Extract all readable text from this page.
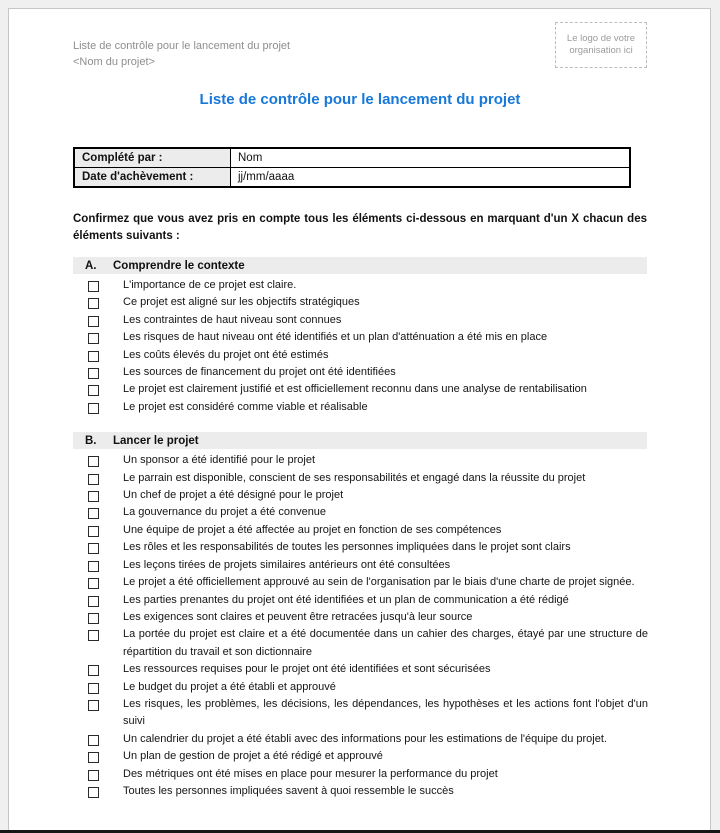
Liste de contrôle pour le lancement du projet
<Nom du projet>
Le logo de votre organisation ici
Liste de contrôle pour le lancement du projet
Complété par :	Nom
Date d'achèvement :	jj/mm/aaaa
Confirmez que vous avez pris en compte tous les éléments ci-dessous en marquant d'un X chacun des éléments suivants :
A.	Comprendre le contexte
L'importance de ce projet est claire.
Ce projet est aligné sur les objectifs stratégiques
Les contraintes de haut niveau sont connues
Les risques de haut niveau ont été identifiés et un plan d'atténuation a été mis en place
Les coûts élevés du projet ont été estimés
Les sources de financement du projet ont été identifiées
Le projet est clairement justifié et est officiellement reconnu dans une analyse de rentabilisation
Le projet est considéré comme viable et réalisable
B.	Lancer le projet
Un sponsor a été identifié pour le projet
Le parrain est disponible, conscient de ses responsabilités et engagé dans la réussite du projet
Un chef de projet a été désigné pour le projet
La gouvernance du projet a été convenue
Une équipe de projet a été affectée au projet en fonction de ses compétences
Les rôles et les responsabilités de toutes les personnes impliquées dans le projet sont clairs
Les leçons tirées de projets similaires antérieurs ont été consultées
Le projet a été officiellement approuvé au sein de l'organisation par le biais d'une charte de projet signée.
Les parties prenantes du projet ont été identifiées et un plan de communication a été rédigé
Les exigences sont claires et peuvent être retracées jusqu'à leur source
La portée du projet est claire et a été documentée dans un cahier des charges, étayé par une structure de répartition du travail et son dictionnaire
Les ressources requises pour le projet ont été identifiées et sont sécurisées
Le budget du projet a été établi et approuvé
Les risques, les problèmes, les décisions, les dépendances, les hypothèses et les actions font l'objet d'un suivi
Un calendrier du projet a été établi avec des informations pour les estimations de l'équipe du projet.
Un plan de gestion de projet a été rédigé et approuvé
Des métriques ont été mises en place pour mesurer la performance du projet
Toutes les personnes impliquées savent à quoi ressemble le succès
